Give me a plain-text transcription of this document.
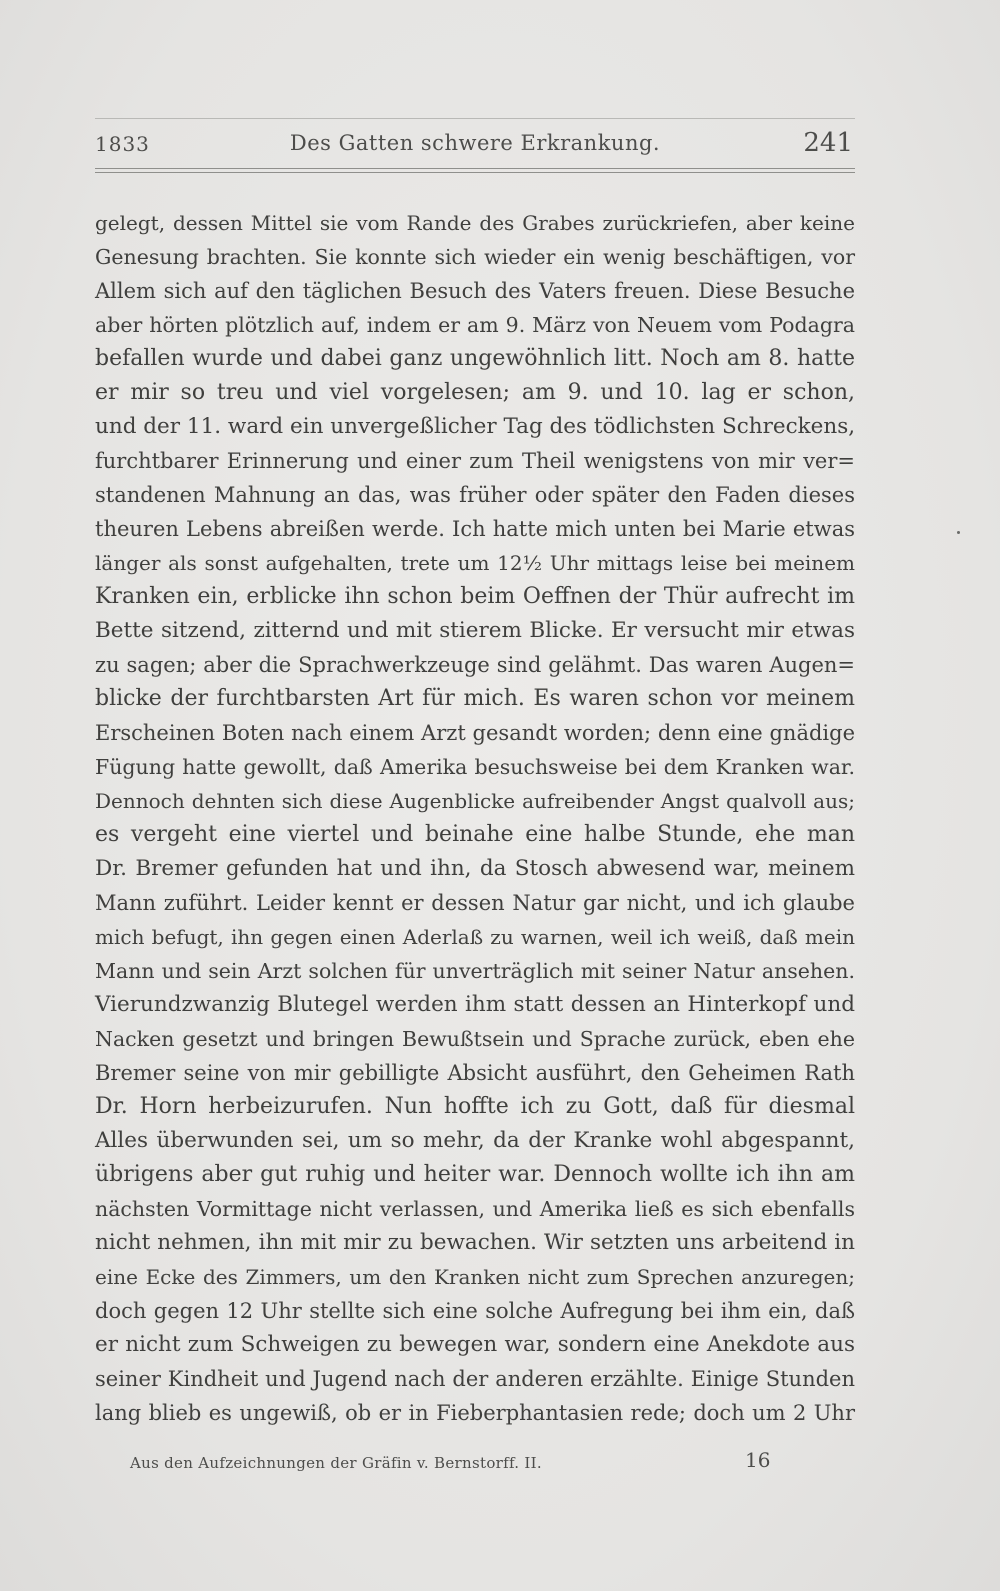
1833	Des Gatten schwere Erkrankung.	241
gelegt, dessen Mittel sie vom Rande des Grabes zurückriefen, aber keine
Genesung brachten. Sie konnte sich wieder ein wenig beschäftigen, vor
Allem sich auf den täglichen Besuch des Vaters freuen. Diese Besuche
aber hörten plötzlich auf, indem er am 9. März von Neuem vom Podagra
befallen wurde und dabei ganz ungewöhnlich litt. Noch am 8. hatte
er mir so treu und viel vorgelesen; am 9. und 10. lag er schon,
und der 11. ward ein unvergeßlicher Tag des tödlichsten Schreckens,
furchtbarer Erinnerung und einer zum Theil wenigstens von mir ver=
standenen Mahnung an das, was früher oder später den Faden dieses
theuren Lebens abreißen werde. Ich hatte mich unten bei Marie etwas
länger als sonst aufgehalten, trete um 12½ Uhr mittags leise bei meinem
Kranken ein, erblicke ihn schon beim Oeffnen der Thür aufrecht im
Bette sitzend, zitternd und mit stierem Blicke. Er versucht mir etwas
zu sagen; aber die Sprachwerkzeuge sind gelähmt. Das waren Augen=
blicke der furchtbarsten Art für mich. Es waren schon vor meinem
Erscheinen Boten nach einem Arzt gesandt worden; denn eine gnädige
Fügung hatte gewollt, daß Amerika besuchsweise bei dem Kranken war.
Dennoch dehnten sich diese Augenblicke aufreibender Angst qualvoll aus;
es vergeht eine viertel und beinahe eine halbe Stunde, ehe man
Dr. Bremer gefunden hat und ihn, da Stosch abwesend war, meinem
Mann zuführt. Leider kennt er dessen Natur gar nicht, und ich glaube
mich befugt, ihn gegen einen Aderlaß zu warnen, weil ich weiß, daß mein
Mann und sein Arzt solchen für unverträglich mit seiner Natur ansehen.
Vierundzwanzig Blutegel werden ihm statt dessen an Hinterkopf und
Nacken gesetzt und bringen Bewußtsein und Sprache zurück, eben ehe
Bremer seine von mir gebilligte Absicht ausführt, den Geheimen Rath
Dr. Horn herbeizurufen. Nun hoffte ich zu Gott, daß für diesmal
Alles überwunden sei, um so mehr, da der Kranke wohl abgespannt,
übrigens aber gut ruhig und heiter war. Dennoch wollte ich ihn am
nächsten Vormittage nicht verlassen, und Amerika ließ es sich ebenfalls
nicht nehmen, ihn mit mir zu bewachen. Wir setzten uns arbeitend in
eine Ecke des Zimmers, um den Kranken nicht zum Sprechen anzuregen;
doch gegen 12 Uhr stellte sich eine solche Aufregung bei ihm ein, daß
er nicht zum Schweigen zu bewegen war, sondern eine Anekdote aus
seiner Kindheit und Jugend nach der anderen erzählte. Einige Stunden
lang blieb es ungewiß, ob er in Fieberphantasien rede; doch um 2 Uhr
Aus den Aufzeichnungen der Gräfin v. Bernstorff. II.	16
